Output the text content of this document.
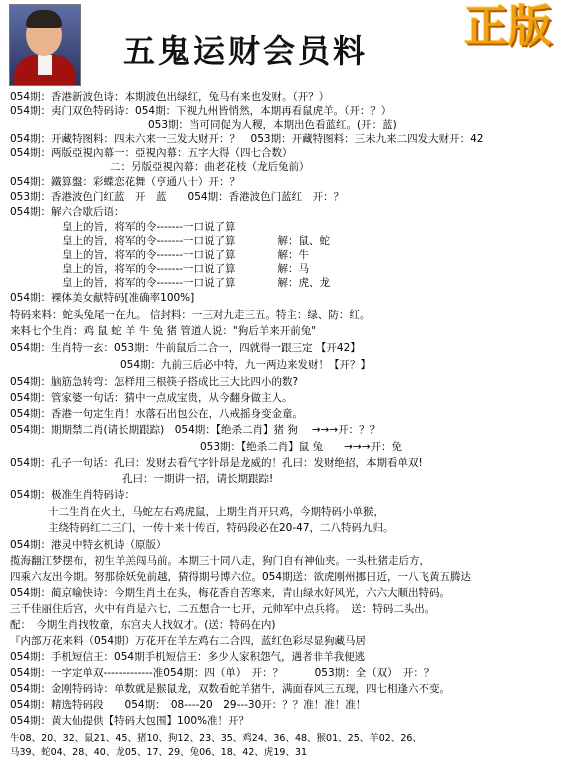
五鬼运财会员料	正版
054期：香港新波色诗：本期波色出绿红，兔马有来也发财。（开？）
054期：夷门双色特码诗：054期：下视九州皆悄然，本期再看鼠虎羊。（开：？）
053期：当可同促为人稷，本期出色看蓝红。(开：蓝)
054期：开藏特图料：四未六来一三发大财开：？　053期：开藏特图料：三未九来二四发大财开：42
054期：两版亞視內幕一：亞視內幕：五字大得（四七合数）
二：另版亞視內幕：曲老花枝（龙后兔前）
054期：鐵算盤：彩蝶恋花舞（亨通八十）开：？
053期：香港波色门红蓝　开　蓝　　054期：香港波色门蓝红　开：？
054期：解六合歇后语：
皇上的旨，将军的令-------一口说了算
皇上的旨，将军的令-------一口说了算　　　　解：鼠、蛇
皇上的旨，将军的令-------一口说了算　　　　解：牛
皇上的旨，将军的令-------一口说了算　　　　解：马
皇上的旨，将军的令-------一口说了算　　　　解：虎、龙
054期：裸体美女献特码[准确率100%]
特码来料：蛇头兔尾一在九。 信封料：一三对九走三五。特主：绿、防：红。
来料七个生肖：鸡 鼠 蛇 羊 牛 兔 猪 管道人说："狗后羊来开前兔"
054期：生肖特一玄：053期：牛前鼠后二合一，四就得一跟三定 【开42】
054期：九前三后必中特，九一两边来发财！【开？】
054期：脑筋急转弯：怎样用三根筷子搭成比三大比四小的数?
054期：管家婆一句话：猜中一点成宝贵，从今翻身做主人。
054期：香港一句定生肖！水落石出包公在，八戒摇身变金童。
054期：期期禁二肖(请长期跟踪)　054期：【绝杀二肖】猪 狗　 →→→开：？？
053期：【绝杀二肖】鼠 兔　　→→→开：免
054期：孔子一句话：孔曰：发财去看气字针昂是龙威的！孔曰：发财绝招，本期看单双!
孔曰：一期讲一招，请长期跟踪!
054期：极准生肖特码诗：
十二生肖在火土，马蛇左右鸡虎鼠，上期生肖开只鸡，今期特码小单猴，
主绕特码红二三门，一传十来十传百，特码段必在20-47，二八特码九归。
054期：港灵中特玄机诗（原版）
揽海翻江梦摆布，初生羊羔闯马前。本期三十同八走，狗门自有神仙夹。一头杜猪走后方，
四乘六友出今期。努那徐妖免前越，猜得期号博六位。054期送：欲虎刚州挪日近，一八飞黄五腾达
054期：蔺京喻快诗：今期生肖土在头，梅花香自苦寒来，青山绿水好风光，六六大顺出特码。
三千佳丽住后宫，火中有肖是六七，二五想合一七开，元帅军中点兵将。　送：特码二头出。
配：　今期生肖找牧童，东宫夫人找奴才。(送：特码在内)
『内部万花来料（054期）万花开在羊左鸡右二合四，蓝红色彩尽显狗藏马居
054期：手机短信王：054期手机短信王：多少人家积怨气，遇者非羊我便逃
054期：一字定单双-------------准054期：四（单）　开：？　　　053期：全（双）　开：？
054期：金刚特码诗：单数就是猴鼠龙，双数看蛇羊猪牛，满面春风三五现，四七相逢六不变。
054期：精选特码段　　054期：　08----20　29---30开：？？准！准！准！
054期：黄大仙提供【特码大包围】100%准！开？
牛08、20、32、鼠21、45、猪10、狗12、23、35、鸡24、36、48、猴01、25、羊02、26、
马39、蛇04、28、40、龙05、17、29、兔06、18、42、虎19、31
